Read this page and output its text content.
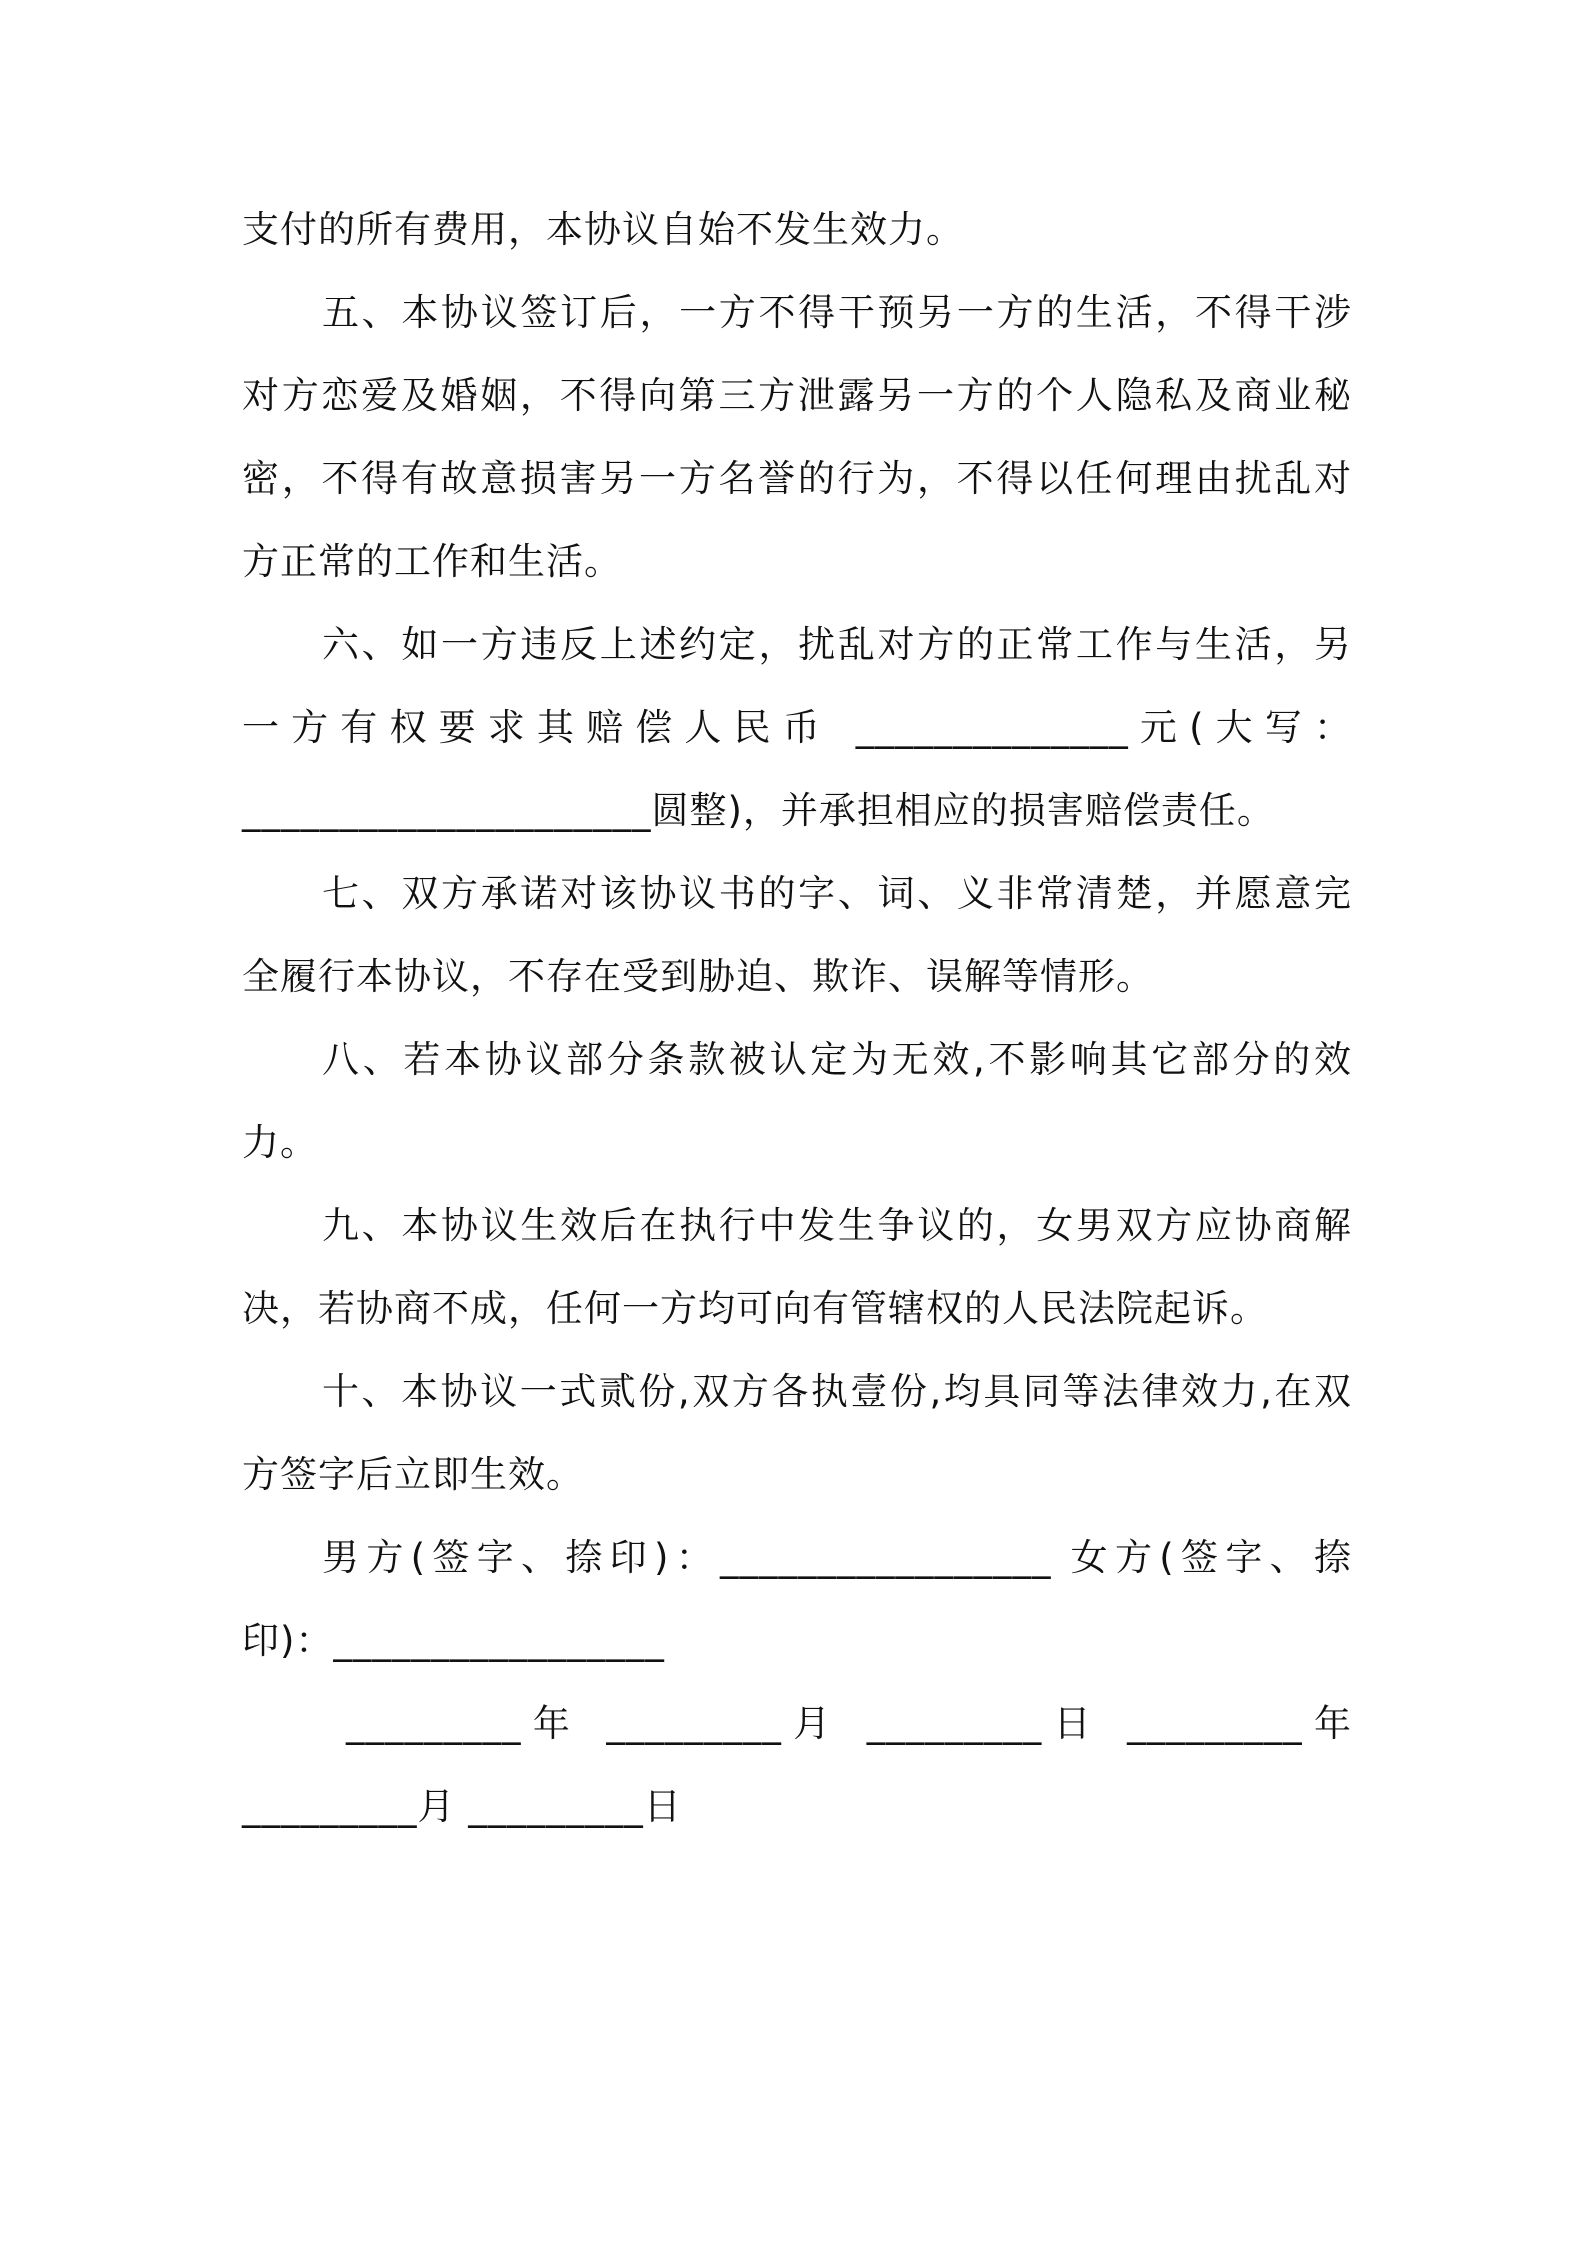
支付的所有费用，本协议自始不发生效力。
五、本协议签订后，一方不得干预另一方的生活，不得干涉
对方恋爱及婚姻，不得向第三方泄露另一方的个人隐私及商业秘
密，不得有故意损害另一方名誉的行为，不得以任何理由扰乱对
方正常的工作和生活。
六、如一方违反上述约定，扰乱对方的正常工作与生活，另
一方有权要求其赔偿人民币 ______________元(大写：
_____________________圆整)，并承担相应的损害赔偿责任。
七、双方承诺对该协议书的字、词、义非常清楚，并愿意完
全履行本协议，不存在受到胁迫、欺诈、误解等情形。
八、若本协议部分条款被认定为无效,不影响其它部分的效
力。
九、本协议生效后在执行中发生争议的，女男双方应协商解
决，若协商不成，任何一方均可向有管辖权的人民法院起诉。
十、本协议一式贰份,双方各执壹份,均具同等法律效力,在双
方签字后立即生效。
男方(签字、捺印)：_________________ 女方(签字、捺
印)：_________________
_________年 _________月 _________日 _________年
_________月 _________日
